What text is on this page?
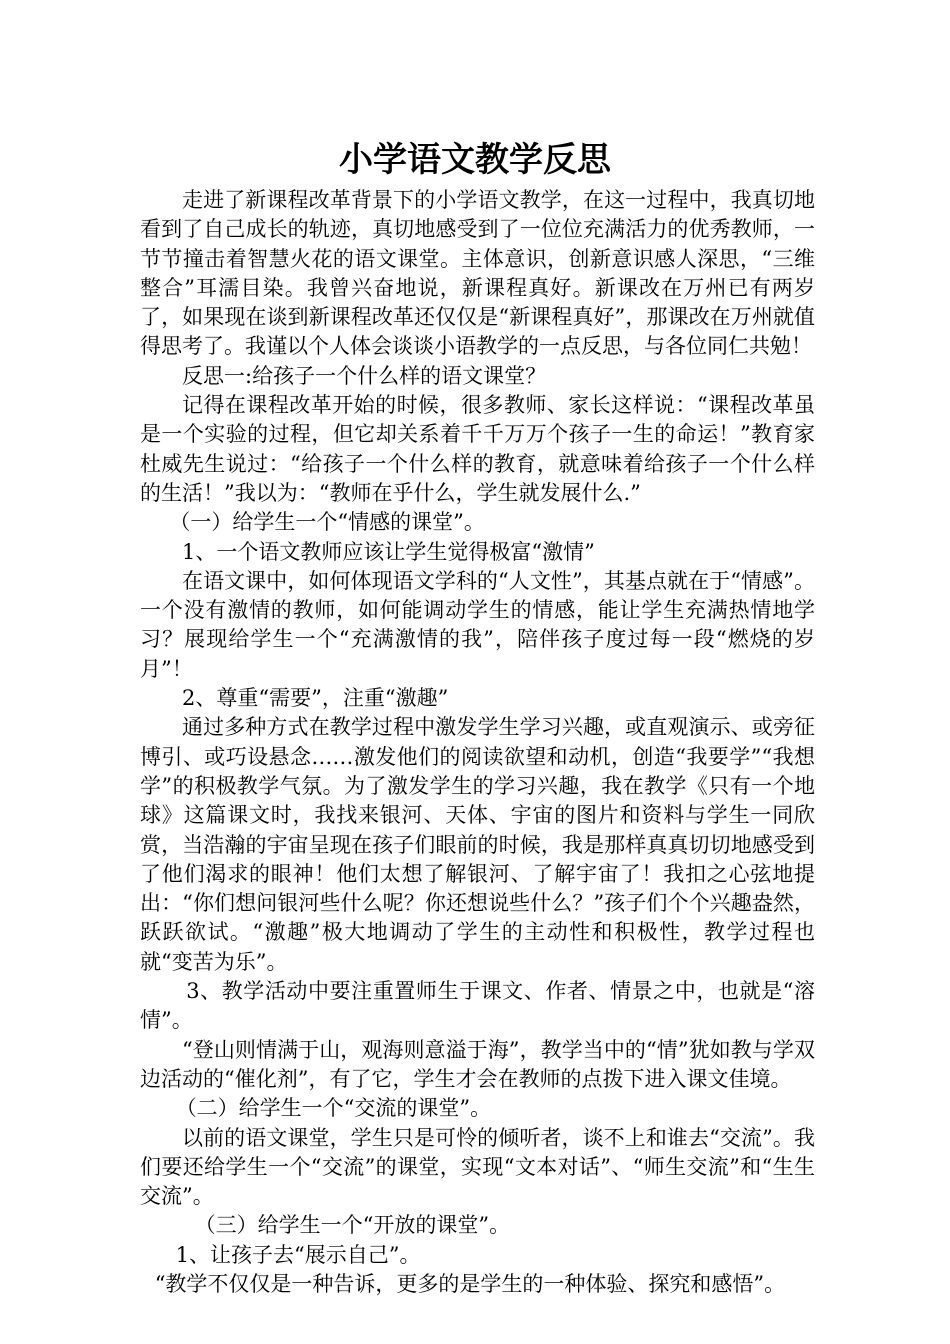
小学语文教学反思

走进了新课程改革背景下的小学语文教学，在这一过程中，我真切地看到了自己成长的轨迹，真切地感受到了一位位充满活力的优秀教师，一节节撞击着智慧火花的语文课堂。主体意识，创新意识感人深思，“三维整合”耳濡目染。我曾兴奋地说，新课程真好。新课改在万州已有两岁了，如果现在谈到新课程改革还仅仅是“新课程真好”，那课改在万州就值得思考了。我谨以个人体会谈谈小语教学的一点反思，与各位同仁共勉！

反思一:给孩子一个什么样的语文课堂？

记得在课程改革开始的时候，很多教师、家长这样说：“课程改革虽是一个实验的过程，但它却关系着千千万万个孩子一生的命运！”教育家杜威先生说过：“给孩子一个什么样的教育，就意味着给孩子一个什么样的生活！”我以为：“教师在乎什么，学生就发展什么.”

（一）给学生一个“情感的课堂”。

1、一个语文教师应该让学生觉得极富“激情”

在语文课中，如何体现语文学科的“人文性”，其基点就在于“情感”。一个没有激情的教师，如何能调动学生的情感，能让学生充满热情地学习？展现给学生一个“充满激情的我”，陪伴孩子度过每一段“燃烧的岁月”！

2、尊重“需要”，注重“激趣”

通过多种方式在教学过程中激发学生学习兴趣，或直观演示、或旁征博引、或巧设悬念……激发他们的阅读欲望和动机，创造“我要学”“我想学”的积极教学气氛。为了激发学生的学习兴趣，我在教学《只有一个地球》这篇课文时，我找来银河、天体、宇宙的图片和资料与学生一同欣赏，当浩瀚的宇宙呈现在孩子们眼前的时候，我是那样真真切切地感受到了他们渴求的眼神！他们太想了解银河、了解宇宙了！我扣之心弦地提出：“你们想问银河些什么呢？你还想说些什么？”孩子们个个兴趣盎然，跃跃欲试。“激趣”极大地调动了学生的主动性和积极性，教学过程也就“变苦为乐”。

3、教学活动中要注重置师生于课文、作者、情景之中，也就是“溶情”。

“登山则情满于山，观海则意溢于海”，教学当中的“情”犹如教与学双边活动的“催化剂”，有了它，学生才会在教师的点拨下进入课文佳境。

（二）给学生一个“交流的课堂”。

以前的语文课堂，学生只是可怜的倾听者，谈不上和谁去“交流”。我们要还给学生一个“交流”的课堂，实现“文本对话”、“师生交流”和“生生交流”。

（三）给学生一个“开放的课堂”。

1、让孩子去“展示自己”。

“教学不仅仅是一种告诉，更多的是学生的一种体验、探究和感悟”。
